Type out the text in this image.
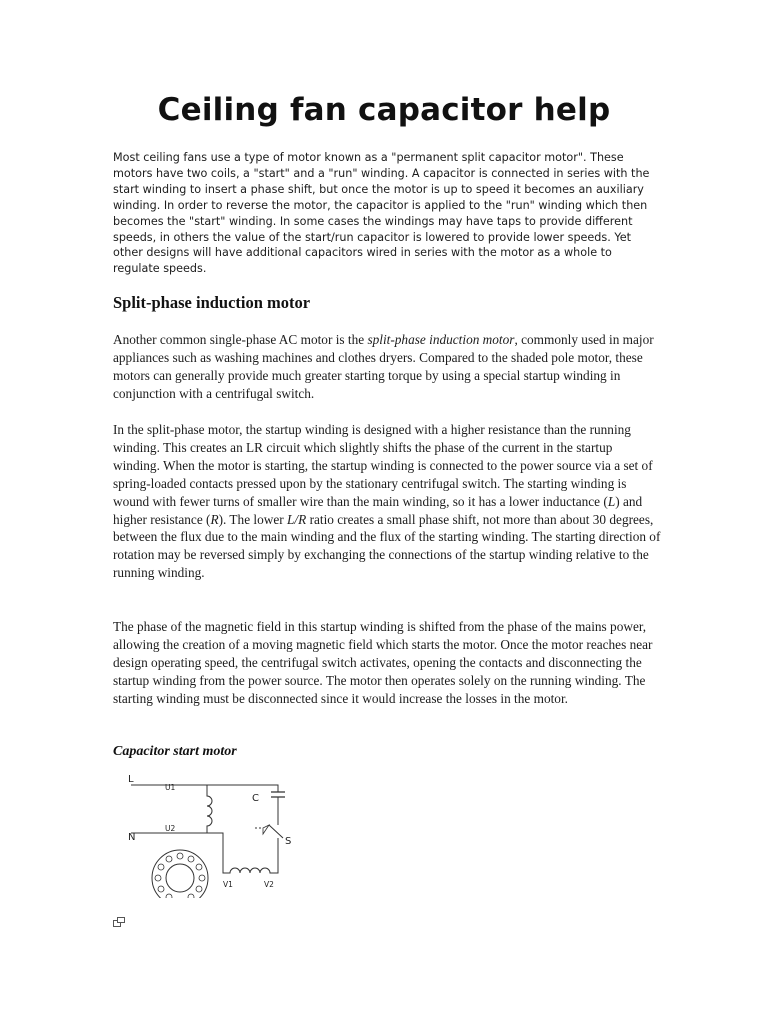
Ceiling fan capacitor help

Most ceiling fans use a type of motor known as a "permanent split capacitor motor". These motors have two coils, a "start" and a "run" winding. A capacitor is connected in series with the start winding to insert a phase shift, but once the motor is up to speed it becomes an auxiliary winding. In order to reverse the motor, the capacitor is applied to the "run" winding which then becomes the "start" winding. In some cases the windings may have taps to provide different speeds, in others the value of the start/run capacitor is lowered to provide lower speeds. Yet other designs will have additional capacitors wired in series with the motor as a whole to regulate speeds.

Split-phase induction motor

Another common single-phase AC motor is the split-phase induction motor, commonly used in major appliances such as washing machines and clothes dryers. Compared to the shaded pole motor, these motors can generally provide much greater starting torque by using a special startup winding in conjunction with a centrifugal switch.

In the split-phase motor, the startup winding is designed with a higher resistance than the running winding. This creates an LR circuit which slightly shifts the phase of the current in the startup winding. When the motor is starting, the startup winding is connected to the power source via a set of spring-loaded contacts pressed upon by the stationary centrifugal switch. The starting winding is wound with fewer turns of smaller wire than the main winding, so it has a lower inductance (L) and higher resistance (R). The lower L/R ratio creates a small phase shift, not more than about 30 degrees, between the flux due to the main winding and the flux of the starting winding. The starting direction of rotation may be reversed simply by exchanging the connections of the startup winding relative to the running winding.

The phase of the magnetic field in this startup winding is shifted from the phase of the mains power, allowing the creation of a moving magnetic field which starts the motor. Once the motor reaches near design operating speed, the centrifugal switch activates, opening the contacts and disconnecting the startup winding from the power source. The motor then operates solely on the running winding. The starting winding must be disconnected since it would increase the losses in the motor.

Capacitor start motor
L
N
U1
U2
C
S
V1	V2
